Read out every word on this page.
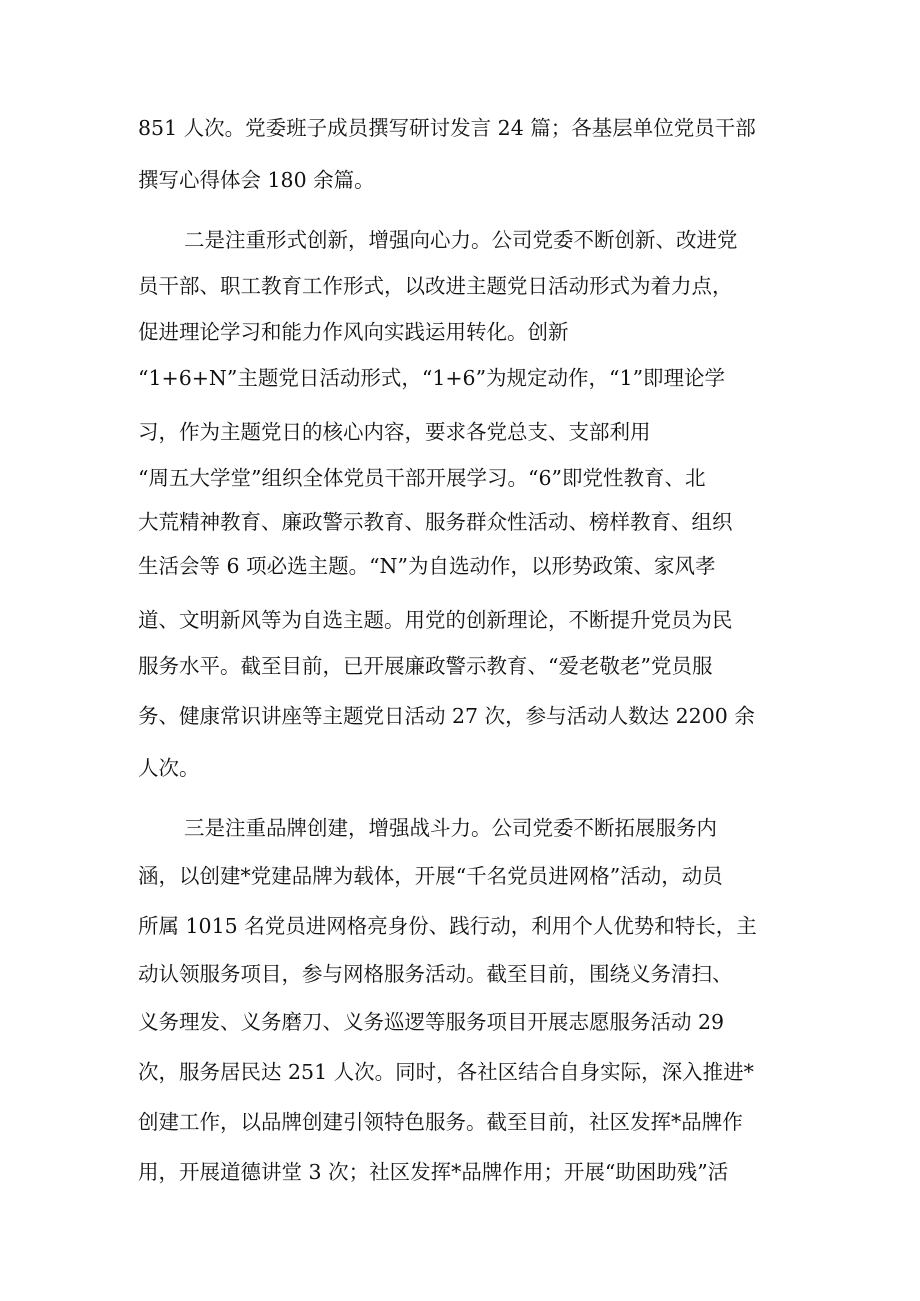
851 人次。党委班子成员撰写研讨发言 24 篇；各基层单位党员干部

撰写心得体会 180 余篇。

二是注重形式创新，增强向心力。公司党委不断创新、改进党

员干部、职工教育工作形式，以改进主题党日活动形式为着力点，

促进理论学习和能力作风向实践运用转化。创新

“1+6+N”主题党日活动形式，“1+6”为规定动作，“1”即理论学

习，作为主题党日的核心内容，要求各党总支、支部利用

“周五大学堂”组织全体党员干部开展学习。“6”即党性教育、北

大荒精神教育、廉政警示教育、服务群众性活动、榜样教育、组织

生活会等 6 项必选主题。“N”为自选动作，以形势政策、家风孝

道、文明新风等为自选主题。用党的创新理论，不断提升党员为民

服务水平。截至目前，已开展廉政警示教育、“爱老敬老”党员服

务、健康常识讲座等主题党日活动 27 次，参与活动人数达 2200 余

人次。

三是注重品牌创建，增强战斗力。公司党委不断拓展服务内

涵，以创建*党建品牌为载体，开展“千名党员进网格”活动，动员

所属 1015 名党员进网格亮身份、践行动，利用个人优势和特长，主

动认领服务项目，参与网格服务活动。截至目前，围绕义务清扫、

义务理发、义务磨刀、义务巡逻等服务项目开展志愿服务活动 29

次，服务居民达 251 人次。同时，各社区结合自身实际，深入推进*

创建工作，以品牌创建引领特色服务。截至目前，社区发挥*品牌作

用，开展道德讲堂 3 次；社区发挥*品牌作用；开展“助困助残”活
